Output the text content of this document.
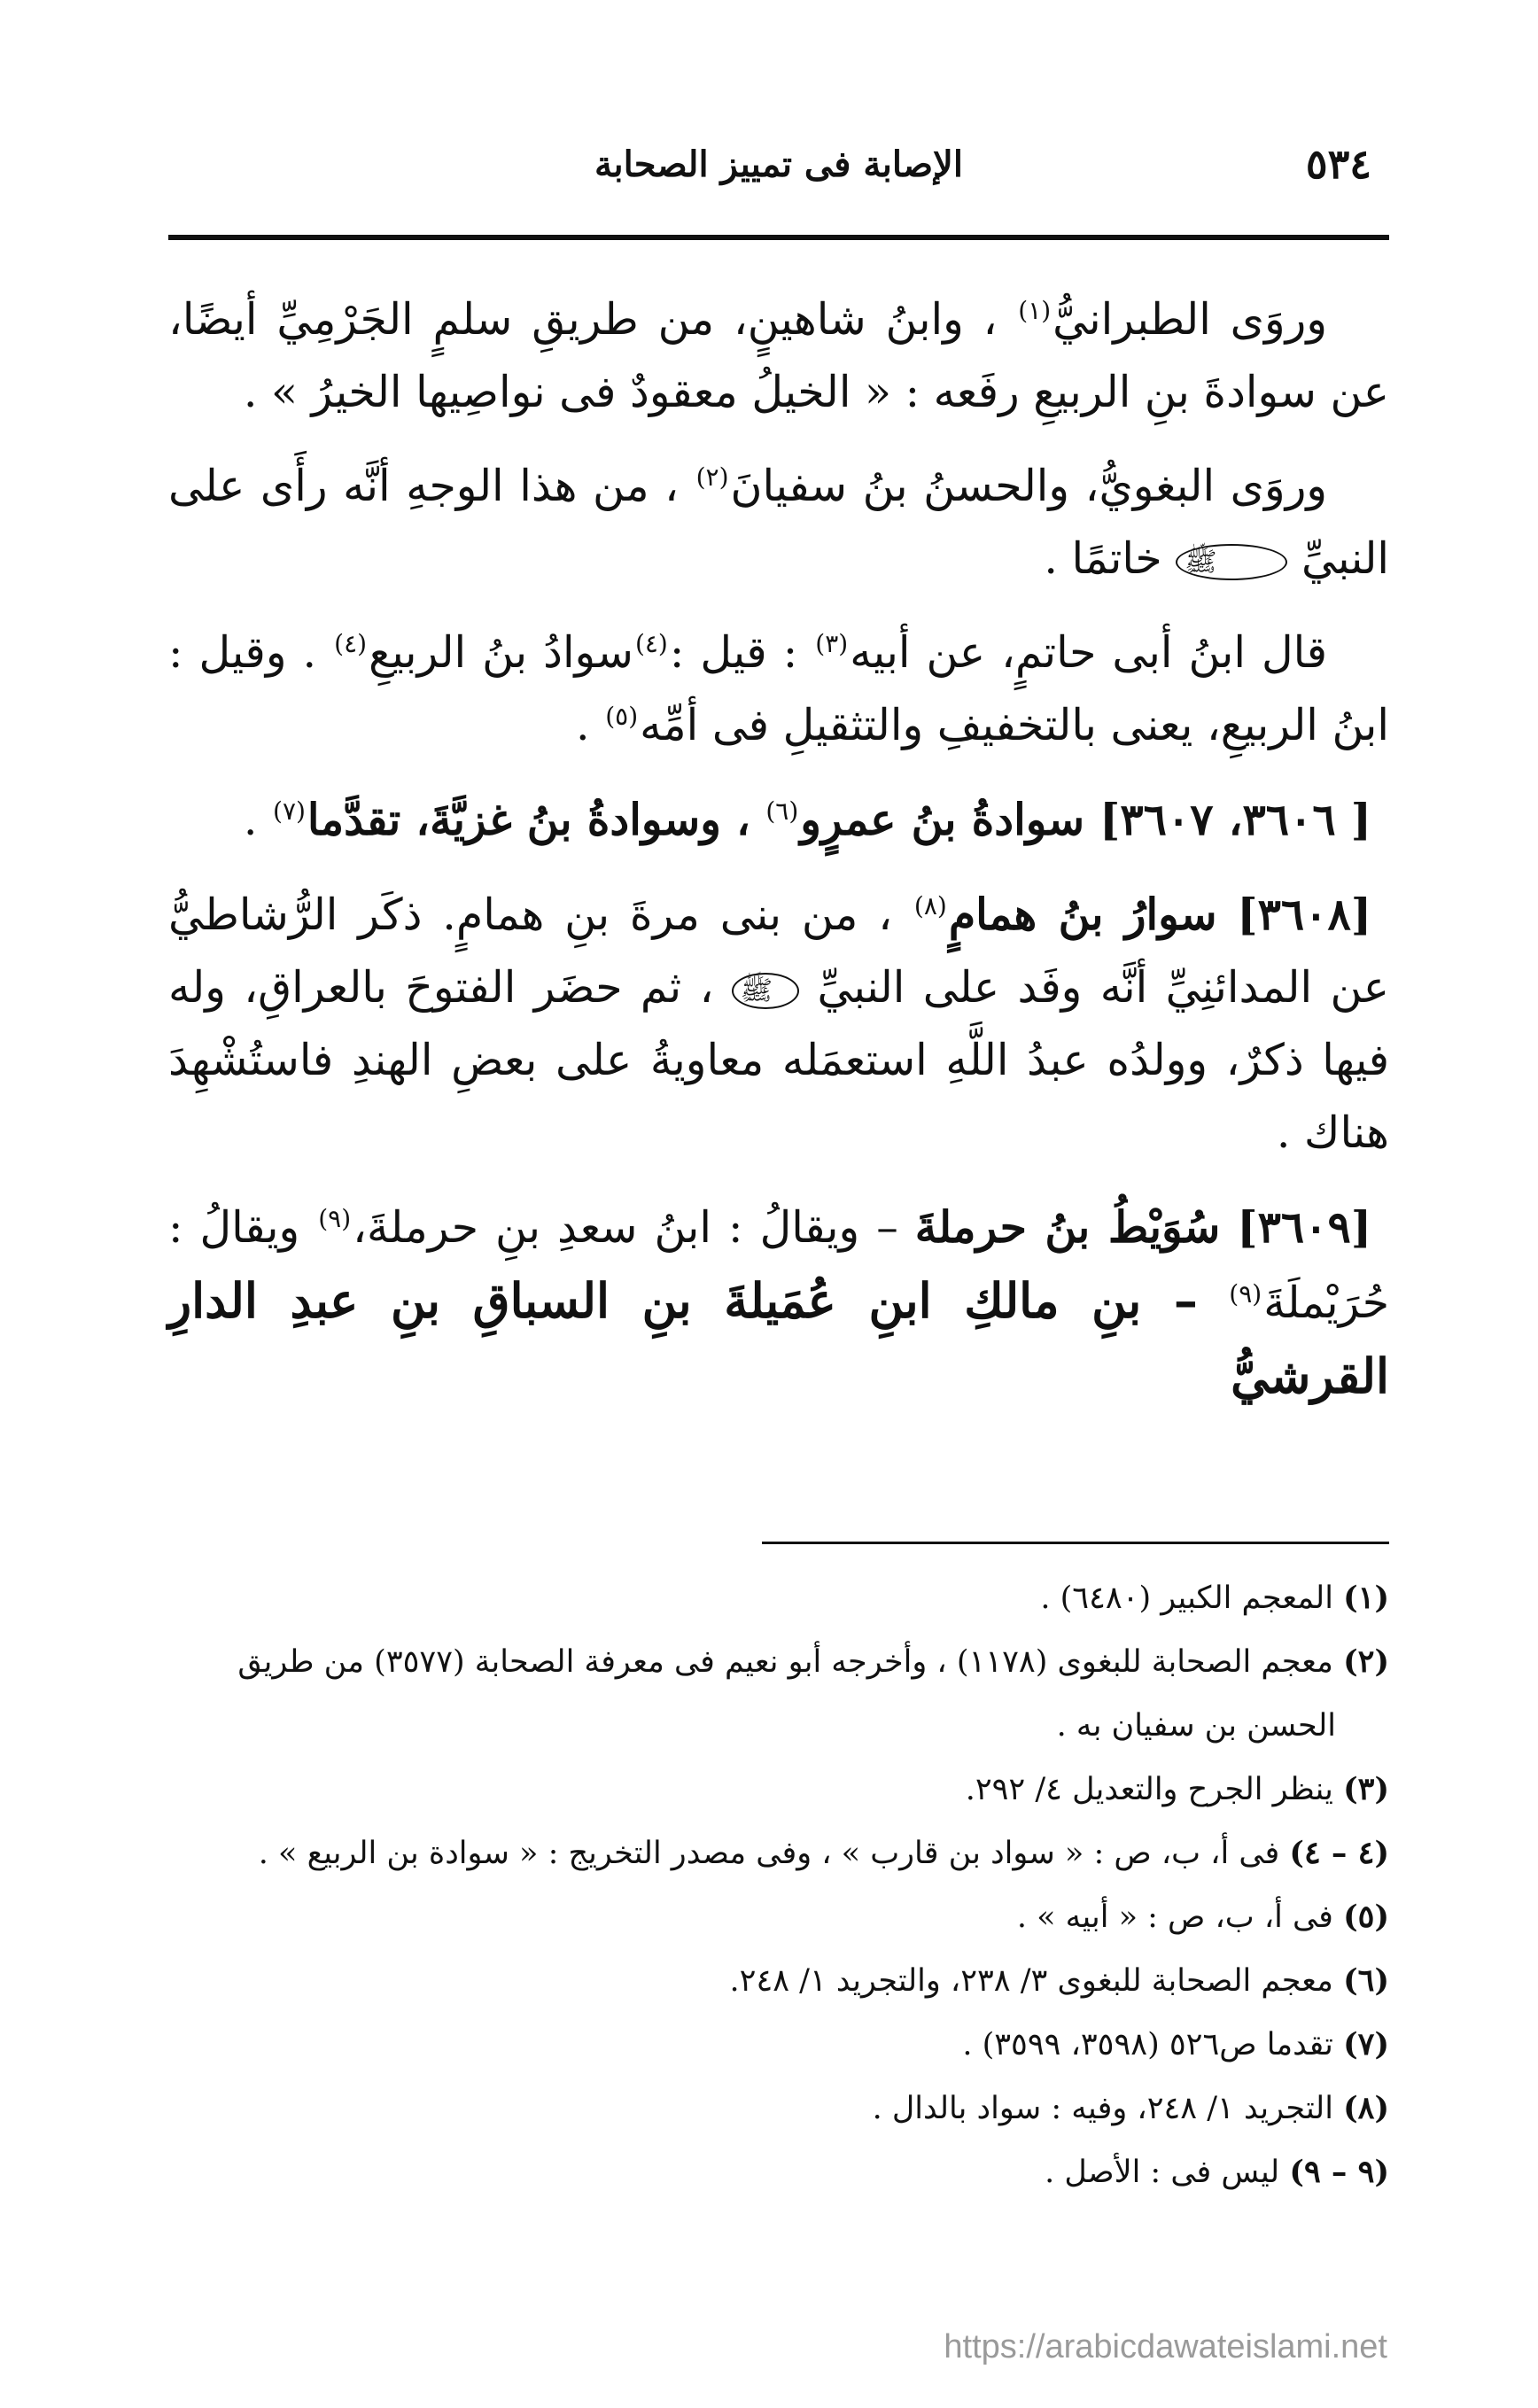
٥٣٤
الإصابة فى تمييز الصحابة

وروَى الطبرانيُّ$^{(١)}$ ، وابنُ شاهينٍ، من طريقِ سلمٍ الجَرْمِيِّ أيضًا، عن سوادةَ بنِ الربيعِ رفَعه : « الخيلُ معقودٌ فى نواصِيها الخيرُ » .

وروَى البغويُّ، والحسنُ بنُ سفيانَ$^{(٢)}$ ، من هذا الوجهِ أنَّه رأَى على النبيِّ ﷺ خاتمًا .

قال ابنُ أبى حاتمٍ، عن أبيه$^{(٣)}$ : قيل :$^{(٤)}$سوادُ بنُ الربيعِ$^{(٤)}$ . وقيل : ابنُ الربيعِ، يعنى بالتخفيفِ والتثقيلِ فى أمِّه$^{(٥)}$ .

[ ٣٦٠٦، ٣٦٠٧] سوادةُ بنُ عمرٍو$^{(٦)}$ ، وسوادةُ بنُ غزيَّةَ، تقدَّما$^{(٧)}$ .

[٣٦٠٨] سوارُ بنُ همامٍ$^{(٨)}$ ، من بنى مرةَ بنِ همامٍ. ذكَر الرُّشاطيُّ عن المدائنِيِّ أنَّه وفَد على النبيِّ ﷺ ، ثم حضَر الفتوحَ بالعراقِ، وله فيها ذكرٌ، وولدُه عبدُ اللَّهِ استعمَله معاويةُ على بعضِ الهندِ فاستُشْهِدَ هناك .

[٣٦٠٩] سُوَيْطُ بنُ حرملةَ – ويقالُ : ابنُ سعدِ بنِ حرملةَ،$^{(٩)}$ ويقالُ : حُرَيْملَةَ$^{(٩)}$ – بنِ مالكِ ابنِ عُمَيلةَ بنِ السباقِ بنِ عبدِ الدارِ القرشيُّ

(١) المعجم الكبير (٦٤٨٠) .

(٢) معجم الصحابة للبغوى (١١٧٨) ، وأخرجه أبو نعيم فى معرفة الصحابة (٣٥٧٧) من طريق

الحسن بن سفيان به .

(٣) ينظر الجرح والتعديل ٤/ ٢٩٢.

(٤ – ٤) فى أ، ب، ص : « سواد بن قارب » ، وفى مصدر التخريج : « سوادة بن الربيع » .

(٥) فى أ، ب، ص : « أبيه » .

(٦) معجم الصحابة للبغوى ٣/ ٢٣٨، والتجريد ١/ ٢٤٨.

(٧) تقدما ص٥٢٦ (٣٥٩٨، ٣٥٩٩) .

(٨) التجريد ١/ ٢٤٨، وفيه : سواد بالدال .

(٩ – ٩) ليس فى : الأصل .

https://arabicdawateislami.net
